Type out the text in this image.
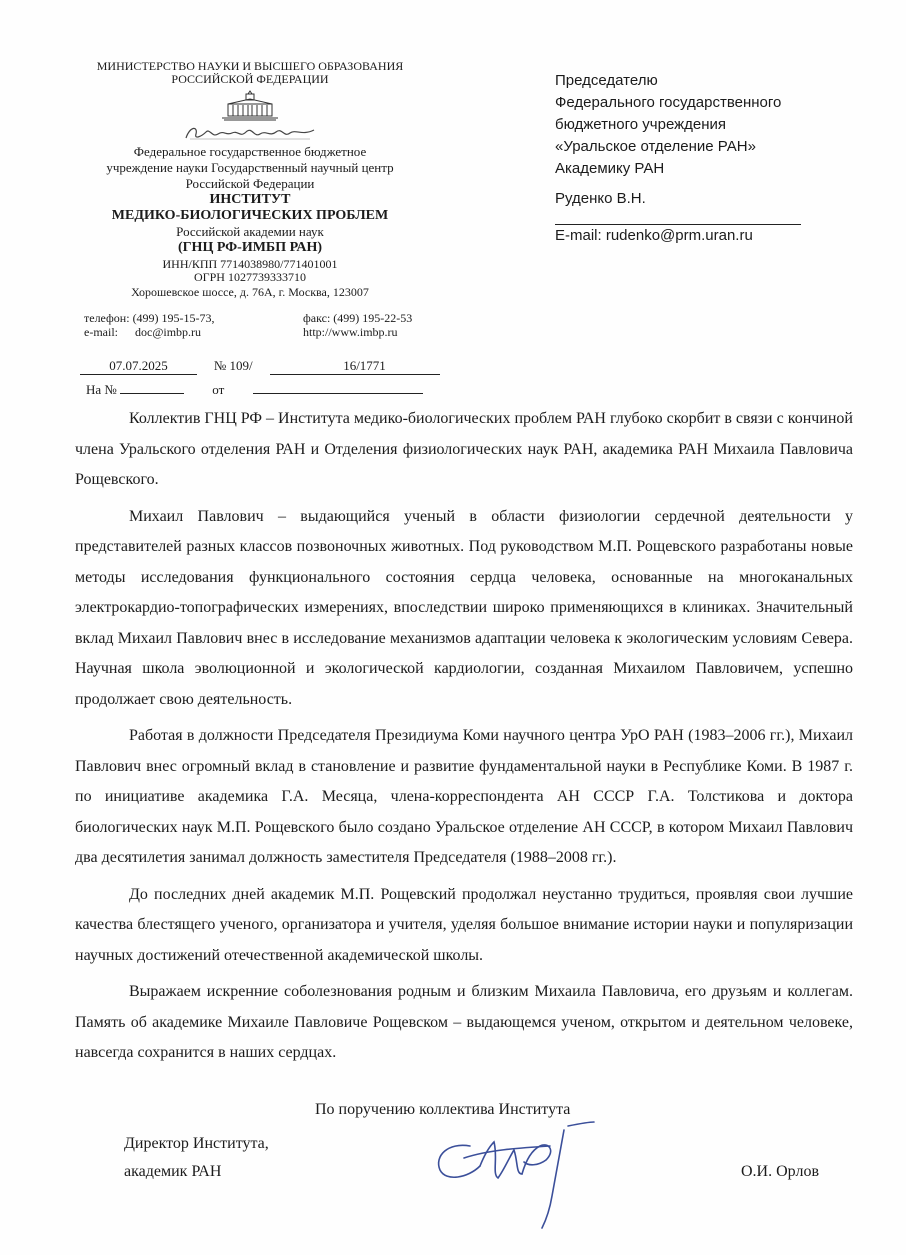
МИНИСТЕРСТВО НАУКИ И ВЫСШЕГО ОБРАЗОВАНИЯ
РОССИЙСКОЙ ФЕДЕРАЦИИ
Федеральное государственное бюджетное
учреждение науки Государственный научный центр
Российской Федерации
ИНСТИТУТ
МЕДИКО-БИОЛОГИЧЕСКИХ ПРОБЛЕМ
Российской академии наук
(ГНЦ РФ-ИМБП РАН)
ИНН/КПП 7714038980/771401001
ОГРН 1027739333710
Хорошевское шоссе, д. 76А, г. Москва, 123007
телефон: (499) 195-15-73,	факс: (499) 195-22-53
e-mail: doc@imbp.ru	http://www.imbp.ru
07.07.2025	№ 109/	16/1771
На №	от
Председателю
Федерального государственного
бюджетного учреждения
«Уральское отделение РАН»
Академику РАН
Руденко В.Н.
E-mail: rudenko@prm.uran.ru

Коллектив ГНЦ РФ – Института медико-биологических проблем РАН глубоко скорбит в связи с кончиной члена Уральского отделения РАН и Отделения физиологических наук РАН, академика РАН Михаила Павловича Рощевского.

Михаил Павлович – выдающийся ученый в области физиологии сердечной деятельности у представителей разных классов позвоночных животных. Под руководством М.П. Рощевского разработаны новые методы исследования функционального состояния сердца человека, основанные на многоканальных электрокардио-топографических измерениях, впоследствии широко применяющихся в клиниках. Значительный вклад Михаил Павлович внес в исследование механизмов адаптации человека к экологическим условиям Севера. Научная школа эволюционной и экологической кардиологии, созданная Михаилом Павловичем, успешно продолжает свою деятельность.

Работая в должности Председателя Президиума Коми научного центра УрО РАН (1983–2006 гг.), Михаил Павлович внес огромный вклад в становление и развитие фундаментальной науки в Республике Коми. В 1987 г. по инициативе академика Г.А. Месяца, члена-корреспондента АН СССР Г.А. Толстикова и доктора биологических наук М.П. Рощевского было создано Уральское отделение АН СССР, в котором Михаил Павлович два десятилетия занимал должность заместителя Председателя (1988–2008 гг.).

До последних дней академик М.П. Рощевский продолжал неустанно трудиться, проявляя свои лучшие качества блестящего ученого, организатора и учителя, уделяя большое внимание истории науки и популяризации научных достижений отечественной академической школы.

Выражаем искренние соболезнования родным и близким Михаила Павловича, его друзьям и коллегам. Память об академике Михаиле Павловиче Рощевском – выдающемся ученом, открытом и деятельном человеке, навсегда сохранится в наших сердцах.

По поручению коллектива Института
Директор Института,
академик РАН	О.И. Орлов
